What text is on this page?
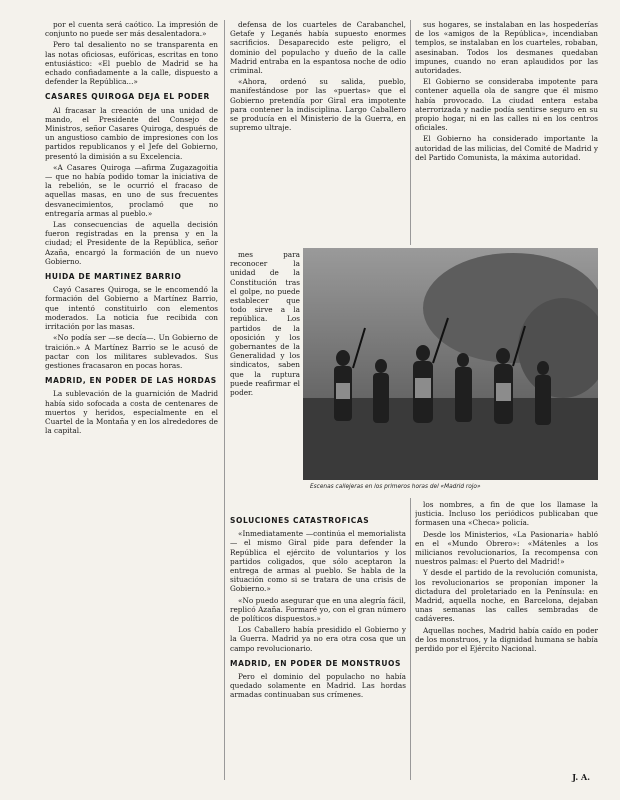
por el cuenta será caótico. La impresión de conjunto no puede ser más desalentadora.»

Pero tal desaliento no se transparenta en las notas oficiosas, eufóricas, escritas en tono entusiástico: «El pueblo de Madrid se ha echado confiadamente a la calle, dispuesto a defender la República...»

CASARES QUIROGA DEJA EL PODER

Al fracasar la creación de una unidad de mando, el Presidente del Consejo de Ministros, señor Casares Quiroga, después de un angustioso cambio de impresiones con los partidos republicanos y el Jefe del Gobierno, presentó la dimisión a su Excelencia.

«A Casares Quiroga —afirma Zugazagoitia— que no había podido tomar la iniciativa de la rebelión, se le ocurrió el fracaso de aquellas masas, en uno de sus frecuentes desvanecimientos, proclamó que no entregaría armas al pueblo.»

Las consecuencias de aquella decisión fueron registradas en la prensa y en la ciudad; el Presidente de la República, señor Azaña, encargó la formación de un nuevo Gobierno.

HUIDA DE MARTINEZ BARRIO

Cayó Casares Quiroga, se le encomendó la formación del Gobierno a Martínez Barrio, que intentó constituirlo con elementos moderados. La noticia fue recibida con irritación por las masas.

«No podía ser —se decía—. Un Gobierno de traición.» A Martínez Barrio se le acusó de pactar con los militares sublevados. Sus gestiones fracasaron en pocas horas.

MADRID, EN PODER DE LAS HORDAS

La sublevación de la guarnición de Madrid había sido sofocada a costa de centenares de muertos y heridos, especialmente en el Cuartel de la Montaña y en los alrededores de la capital.

defensa de los cuarteles de Carabanchel, Getafe y Leganés había supuesto enormes sacrificios. Desaparecido este peligro, el dominio del populacho y dueño de la calle Madrid entraba en la espantosa noche de odio criminal.

«Ahora, ordenó su salida, pueblo, manifestándose por las «puertas» que el Gobierno pretendía por Giral era impotente para contener la indisciplina. Largo Caballero se producía en el Ministerio de la Guerra, en supremo ultraje.

mes para reconocer la unidad de la Constitución tras el golpe, no puede establecer que todo sirve a la república. Los partidos de la oposición y los gobernantes de la Generalidad y los sindicatos, saben que la ruptura puede reafirmar el poder.

sus hogares, se instalaban en las hospederías de los «amigos de la República», incendiaban templos, se instalaban en los cuarteles, robaban, asesinaban. Todos los desmanes quedaban impunes, cuando no eran aplaudidos por las autoridades.

El Gobierno se consideraba impotente para contener aquella ola de sangre que él mismo había provocado. La ciudad entera estaba aterrorizada y nadie podía sentirse seguro en su propio hogar, ni en las calles ni en los centros oficiales.

El Gobierno ha considerado importante la autoridad de las milicias, del Comité de Madrid y del Partido Comunista, la máxima autoridad.

Escenas callejeras en los primeros horas del «Madrid rojo»
SOLUCIONES CATASTROFICAS

«Inmediatamente —continúa el memorialista— el mismo Giral pide para defender la República el ejército de voluntarios y los partidos coligados, que sólo aceptaron la entrega de armas al pueblo. Se habla de la situación como si se tratara de una crisis de Gobierno.»

«No puedo asegurar que en una alegría fácil, replicó Azaña. Formaré yo, con el gran número de políticos dispuestos.»

Los Caballero había presidido el Gobierno y la Guerra. Madrid ya no era otra cosa que un campo revolucionario.

MADRID, EN PODER DE MONSTRUOS

Pero el dominio del populacho no había quedado solamente en Madrid. Las hordas armadas continuaban sus crímenes.

los nombres, a fin de que los llamase la justicia. Incluso los periódicos publicaban que formasen una «Checa» policía.

Desde los Ministerios, «La Pasionaria» habló en el «Mundo Obrero»: «Mátenles a los milicianos revolucionarios, Ia recompensa con nuestros palmas: el Puerto del Madrid!»

Y desde el partido de la revolución comunista, los revolucionarios se proponían imponer la dictadura del proletariado en la Península: en Madrid, aquella noche, en Barcelona, dejaban unas semanas las calles sembradas de cadáveres.

Aquellas noches, Madrid había caído en poder de los monstruos, y la dignidad humana se había perdido por el Ejército Nacional.

J. A.
